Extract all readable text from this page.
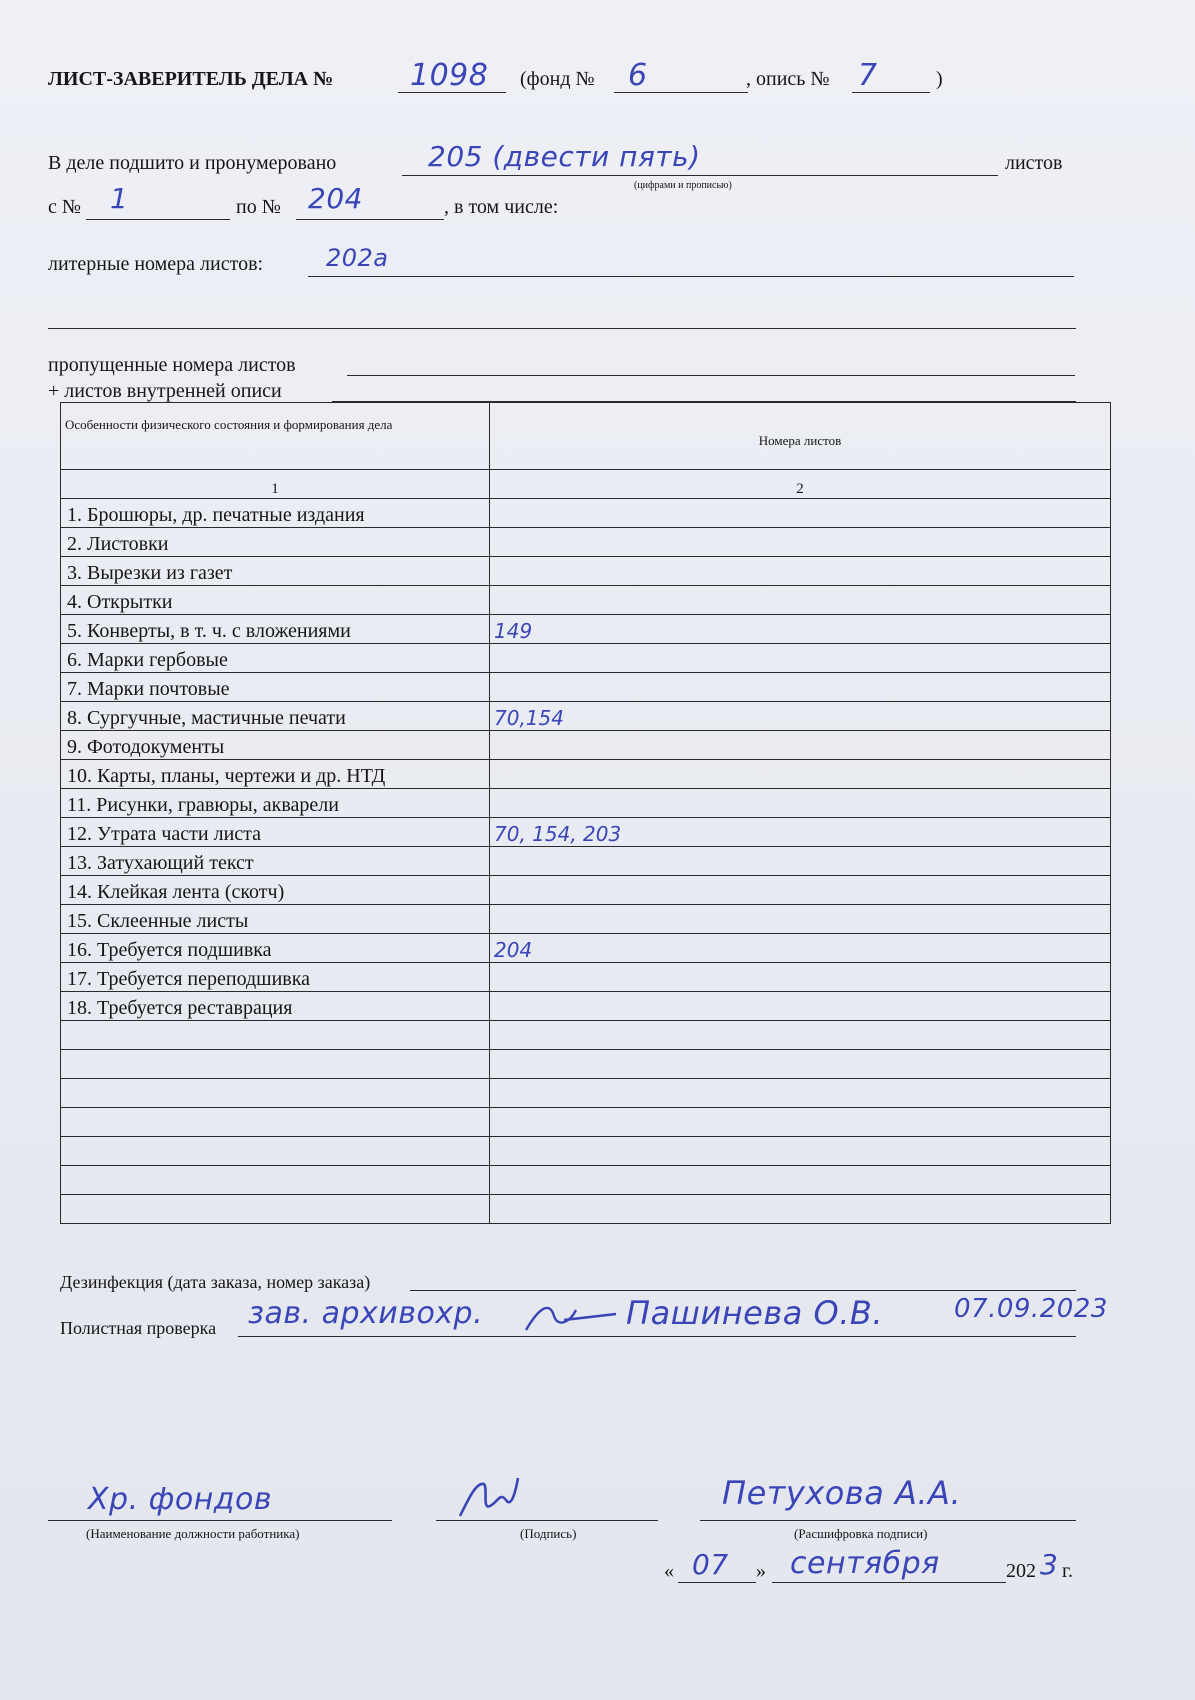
ЛИСТ-ЗАВЕРИТЕЛЬ ДЕЛА №	1098 (фонд № 6	, опись № 7	)
В деле подшито и пронумеровано	205 (двести пять)	листов
(цифрами и прописью)
с № 1	по № 204	, в том числе:
литерные номера листов:	202а
пропущенные номера листов
+ листов внутренней описи
Особенности физического состояния и формирования дела	Номера листов
1	2

1. Брошюры, др. печатные издания	

2. Листовки	

3. Вырезки из газет	

4. Открытки	

5. Конверты, в т. ч. с вложениями	149

6. Марки гербовые	

7. Марки почтовые	

8. Сургучные, мастичные печати	70,154

9. Фотодокументы	

10. Карты, планы, чертежи и др. НТД	

11. Рисунки, гравюры, акварели	

12. Утрата части листа	70, 154, 203

13. Затухающий текст	

14. Клейкая лента (скотч)	

15. Склеенные листы	

16. Требуется подшивка	204

17. Требуется переподшивка	

18. Требуется реставрация	

Дезинфекция (дата заказа, номер заказа)
Полистная проверка зав. архивохр.	Пашинева О.В.	07.09.2023
Хр. фондов
(Наименование должности работника)	(Подпись)
Петухова А.А.
(Расшифровка подписи)
« 07 » сентября	202 3 г.
